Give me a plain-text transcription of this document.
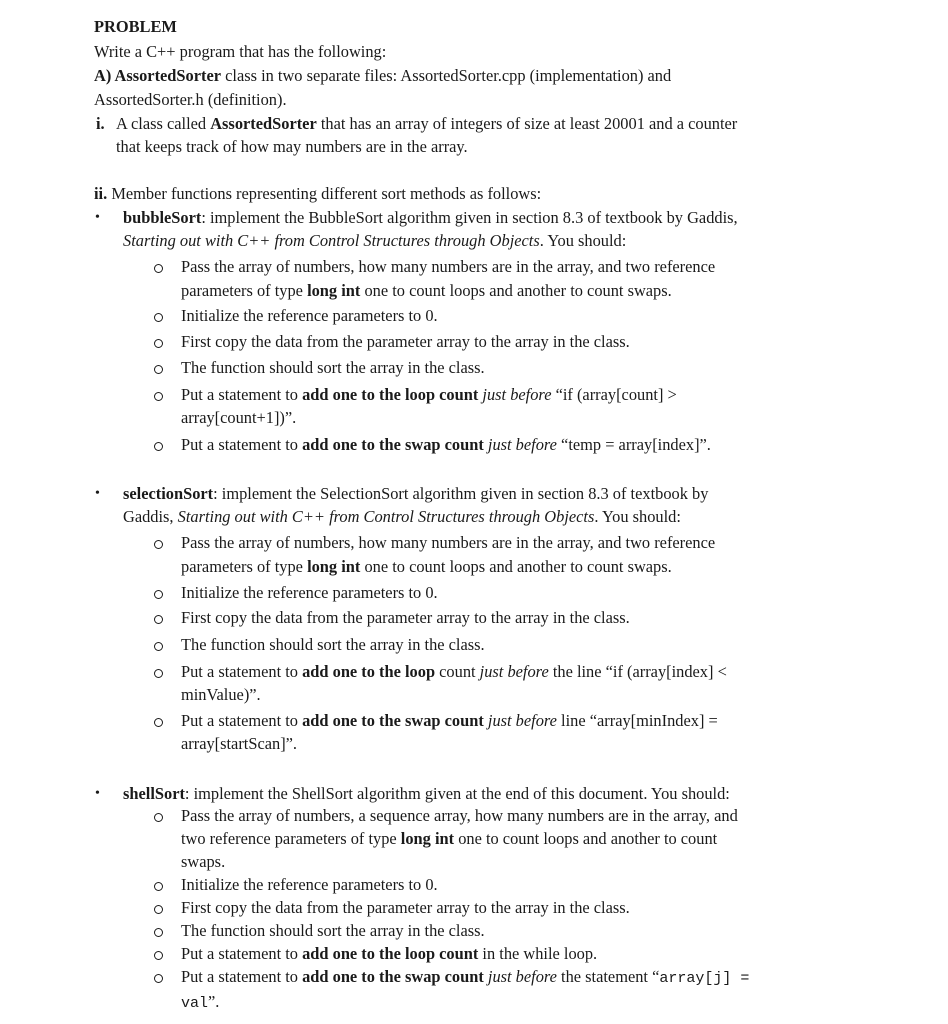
PROBLEM
Write a C++ program that has the following:
A) AssortedSorter class in two separate files: AssortedSorter.cpp (implementation) and
AssortedSorter.h (definition).
i. A class called AssortedSorter that has an array of integers of size at least 20001 and a counter
that keeps track of how may numbers are in the array.
ii. Member functions representing different sort methods as follows:
• bubbleSort: implement the BubbleSort algorithm given in section 8.3 of textbook by Gaddis,
Starting out with C++ from Control Structures through Objects. You should:
Pass the array of numbers, how many numbers are in the array, and two reference
parameters of type long int one to count loops and another to count swaps.
Initialize the reference parameters to 0.
First copy the data from the parameter array to the array in the class.
The function should sort the array in the class.
Put a statement to add one to the loop count just before “if (array[count] >
array[count+1])”.
Put a statement to add one to the swap count just before “temp = array[index]”.
• selectionSort: implement the SelectionSort algorithm given in section 8.3 of textbook by
Gaddis, Starting out with C++ from Control Structures through Objects. You should:
Pass the array of numbers, how many numbers are in the array, and two reference
parameters of type long int one to count loops and another to count swaps.
Initialize the reference parameters to 0.
First copy the data from the parameter array to the array in the class.
The function should sort the array in the class.
Put a statement to add one to the loop count just before the line “if (array[index] <
minValue)”.
Put a statement to add one to the swap count just before line “array[minIndex] =
array[startScan]”.
• shellSort: implement the ShellSort algorithm given at the end of this document. You should:
Pass the array of numbers, a sequence array, how many numbers are in the array, and
two reference parameters of type long int one to count loops and another to count
swaps.
Initialize the reference parameters to 0.
First copy the data from the parameter array to the array in the class.
The function should sort the array in the class.
Put a statement to add one to the loop count in the while loop.
Put a statement to add one to the swap count just before the statement “array[j] =
val”.
